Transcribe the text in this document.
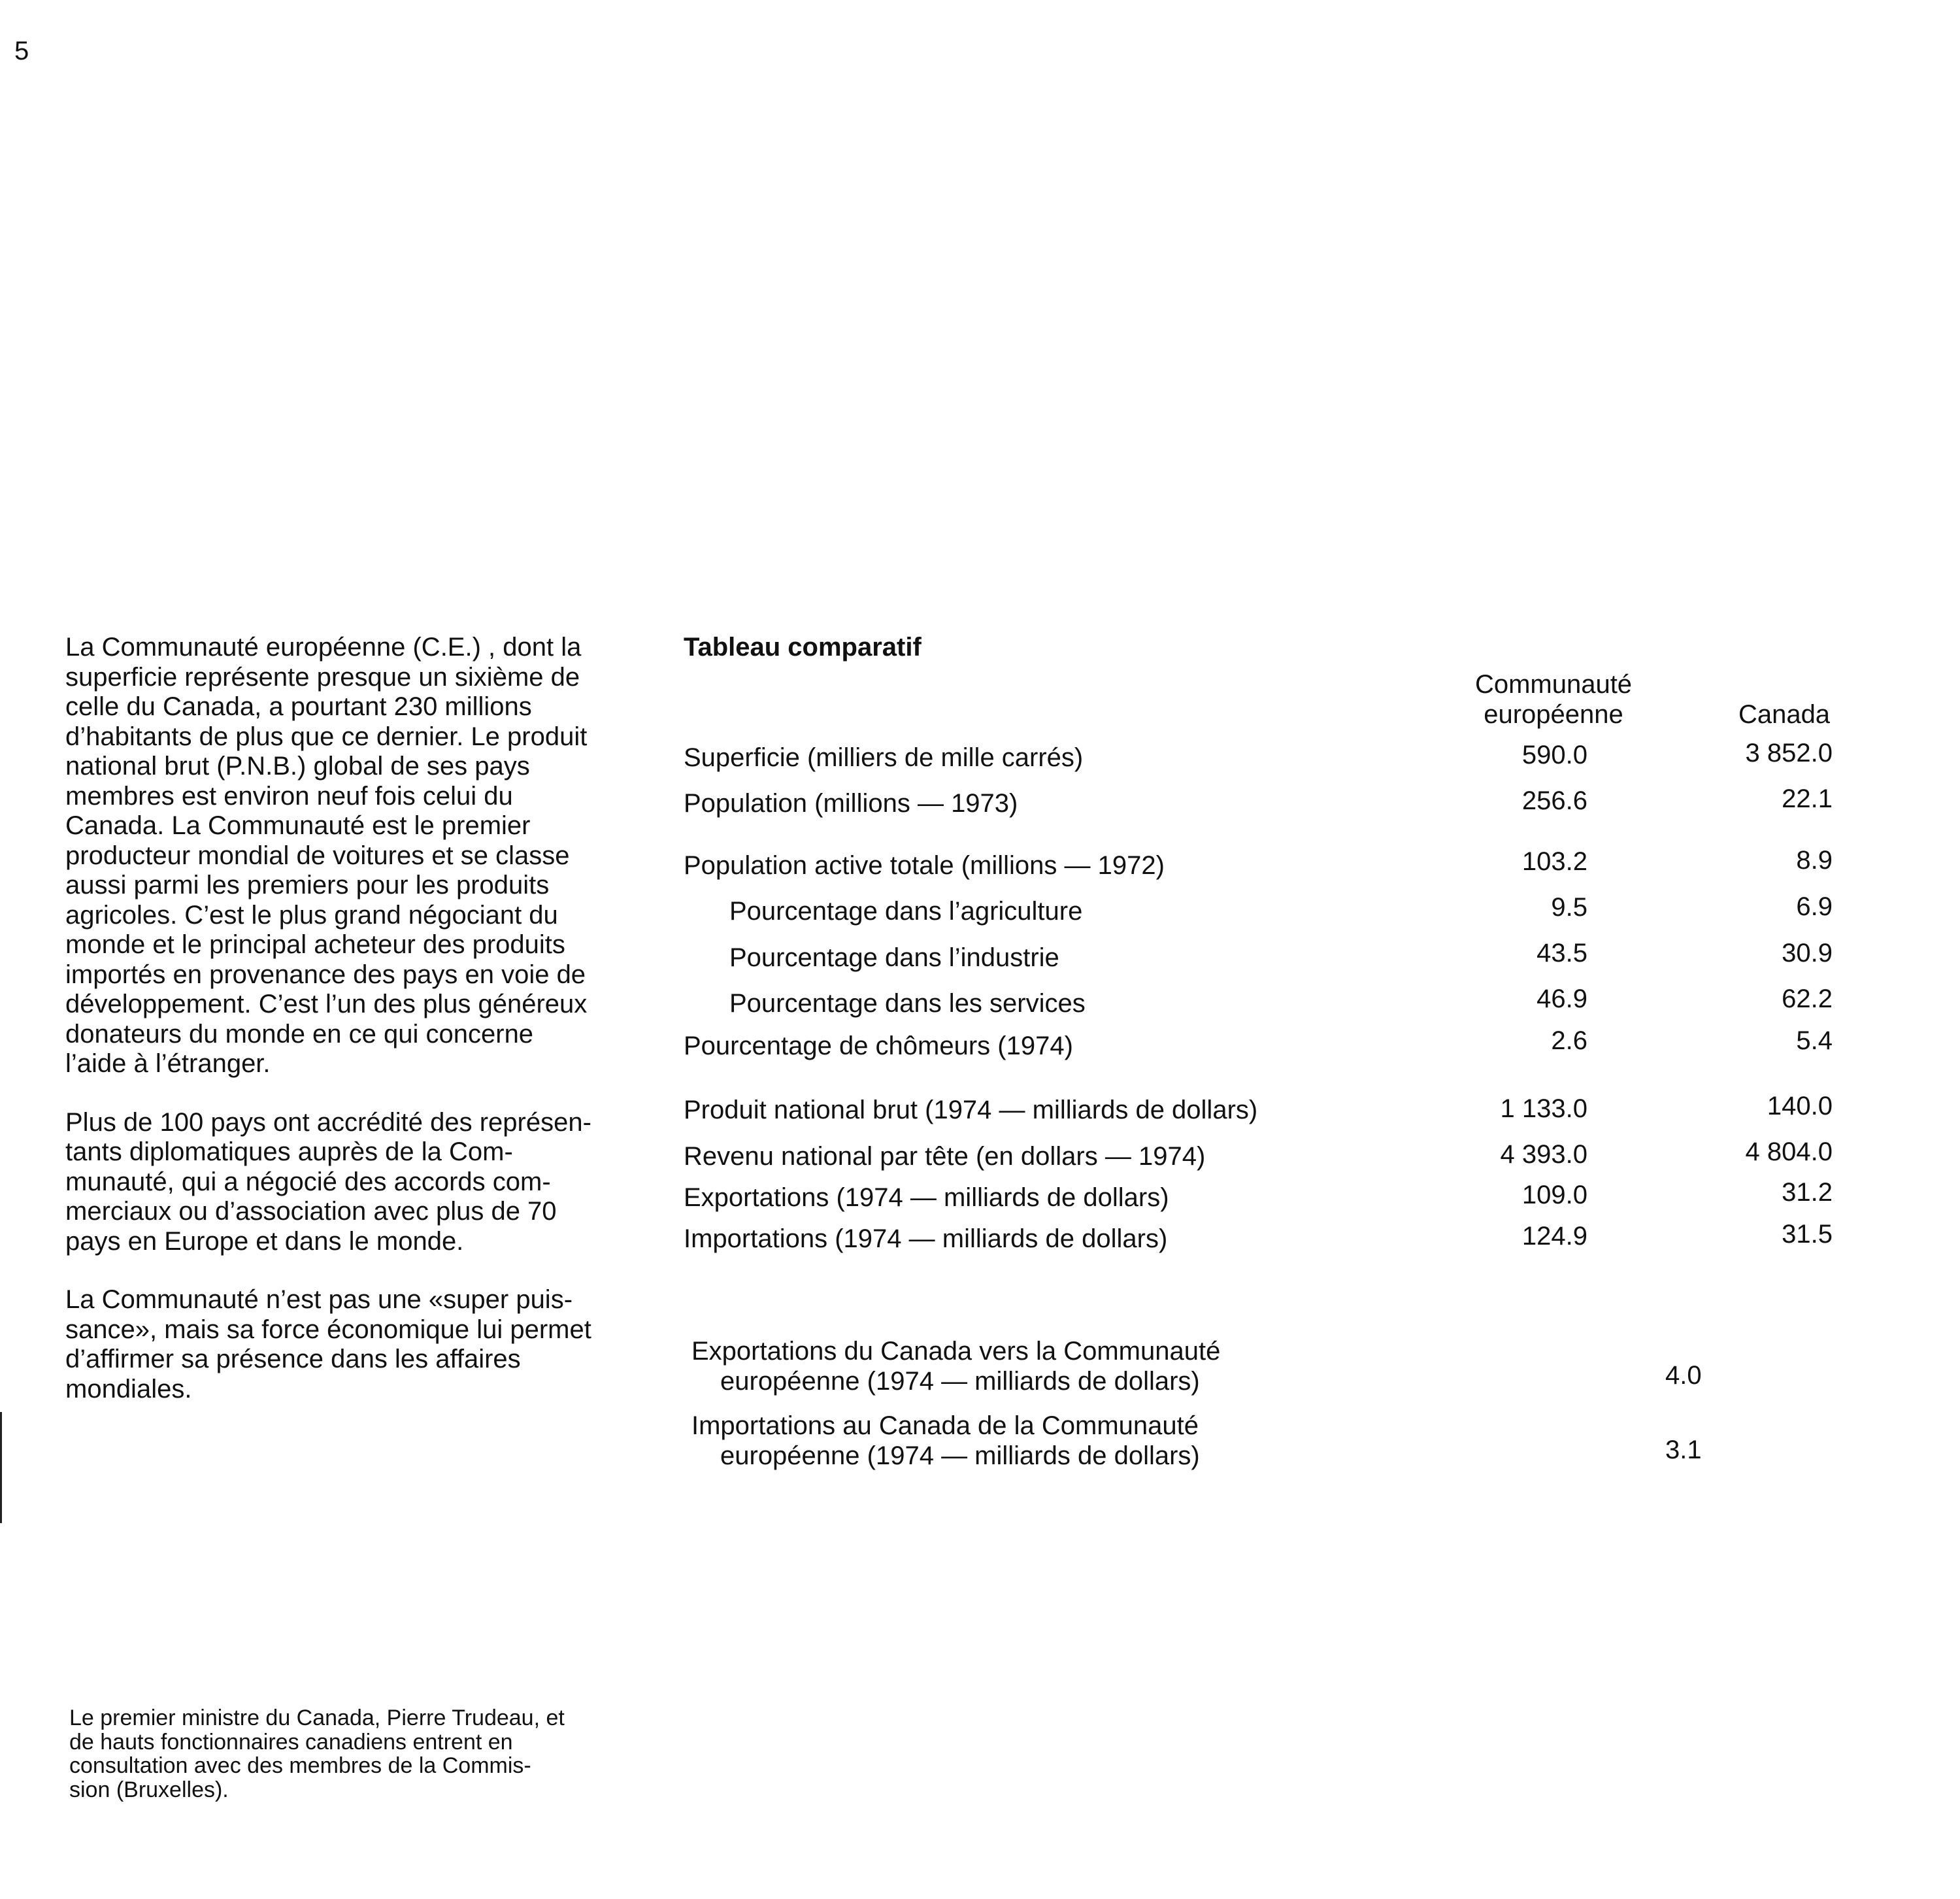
5

La Communauté européenne (C.E.) , dont la
superficie représente presque un sixième de
celle du Canada, a pourtant 230 millions
d’habitants de plus que ce dernier. Le produit
national brut (P.N.B.) global de ses pays
membres est environ neuf fois celui du
Canada. La Communauté est le premier
producteur mondial de voitures et se classe
aussi parmi les premiers pour les produits
agricoles. C’est le plus grand négociant du
monde et le principal acheteur des produits
importés en provenance des pays en voie de
développement. C’est l’un des plus généreux
donateurs du monde en ce qui concerne
l’aide à l’étranger.

Plus de 100 pays ont accrédité des représen-
tants diplomatiques auprès de la Com-
munauté, qui a négocié des accords com-
merciaux ou d’association avec plus de 70
pays en Europe et dans le monde.

La Communauté n’est pas une «super puis-
sance», mais sa force économique lui permet
d’affirmer sa présence dans les affaires
mondiales.

Le premier ministre du Canada, Pierre Trudeau, et
de hauts fonctionnaires canadiens entrent en
consultation avec des membres de la Commis-
sion (Bruxelles).
Tableau comparatif
Communauté
européenne	Canada
Superficie (milliers de mille carrés)	590.0	3 852.0
Population (millions — 1973)	256.6	22.1
Population active totale (millions — 1972)	103.2	8.9
Pourcentage dans l’agriculture	9.5	6.9
Pourcentage dans l’industrie	43.5	30.9
Pourcentage dans les services	46.9	62.2
Pourcentage de chômeurs (1974)	2.6	5.4
Produit national brut (1974 — milliards de dollars)	1 133.0	140.0
Revenu national par tête (en dollars — 1974)	4 393.0	4 804.0
Exportations (1974 — milliards de dollars)	109.0	31.2
Importations (1974 — milliards de dollars)	124.9	31.5
Exportations du Canada vers la Communauté
européenne (1974 — milliards de dollars)	4.0
Importations au Canada de la Communauté
européenne (1974 — milliards de dollars)	3.1
